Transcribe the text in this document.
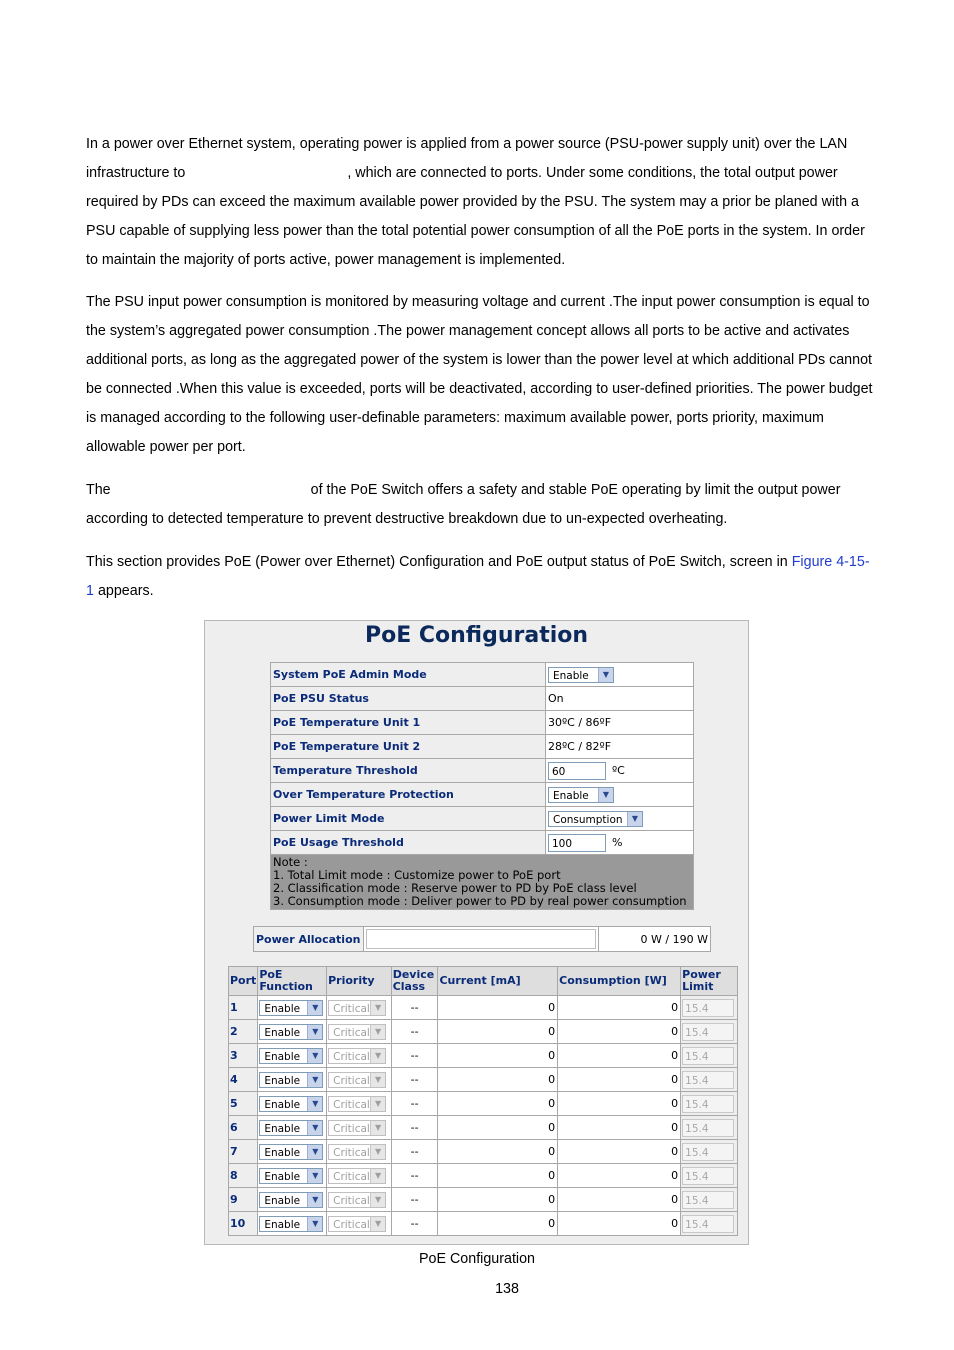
In a power over Ethernet system, operating power is applied from a power source (PSU-power supply unit) over the LAN infrastructure to	, which are connected to ports. Under some conditions, the total output power required by PDs can exceed the maximum available power provided by the PSU. The system may a prior be planed with a PSU capable of supplying less power than the total potential power consumption of all the PoE ports in the system. In order to maintain the majority of ports active, power management is implemented.

The PSU input power consumption is monitored by measuring voltage and current .The input power consumption is equal to the system’s aggregated power consumption .The power management concept allows all ports to be active and activates additional ports, as long as the aggregated power of the system is lower than the power level at which additional PDs cannot be connected .When this value is exceeded, ports will be deactivated, according to user-defined priorities. The power budget is managed according to the following user-definable parameters: maximum available power, ports priority, maximum allowable power per port.

The	of the PoE Switch offers a safety and stable PoE operating by limit the output power according to detected temperature to prevent destructive breakdown due to un-expected overheating.

This section provides PoE (Power over Ethernet) Configuration and PoE output status of PoE Switch, screen in Figure 4-15-1 appears.

PoE Configuration
System PoE Admin Mode	Enable ▼

PoE PSU Status	On
PoE Temperature Unit 1	30ºC / 86ºF
PoE Temperature Unit 2	28ºC / 82ºF
Temperature Threshold	60 ºC
Over Temperature Protection	Enable ▼

Power Limit Mode	Consumption ▼

PoE Usage Threshold	100 %

Note :
1. Total Limit mode : Customize power to PoE port
2. Classification mode : Reserve power to PD by PoE class level
3. Consumption mode : Deliver power to PD by real power consumption	
Power Allocation		0 W / 190 W
Port	PoE Function	Priority	Device Class	Current [mA]	Consumption [W]	Power Limit
1	Enable ▼	Critical ▼	--	0	0	15.4
2	Enable ▼	Critical ▼	--	0	0	15.4
3	Enable ▼	Critical ▼	--	0	0	15.4
4	Enable ▼	Critical ▼	--	0	0	15.4
5	Enable ▼	Critical ▼	--	0	0	15.4
6	Enable ▼	Critical ▼	--	0	0	15.4
7	Enable ▼	Critical ▼	--	0	0	15.4
8	Enable ▼	Critical ▼	--	0	0	15.4
9	Enable ▼	Critical ▼	--	0	0	15.4
10	Enable ▼	Critical ▼	--	0	0	15.4
PoE Configuration
138
